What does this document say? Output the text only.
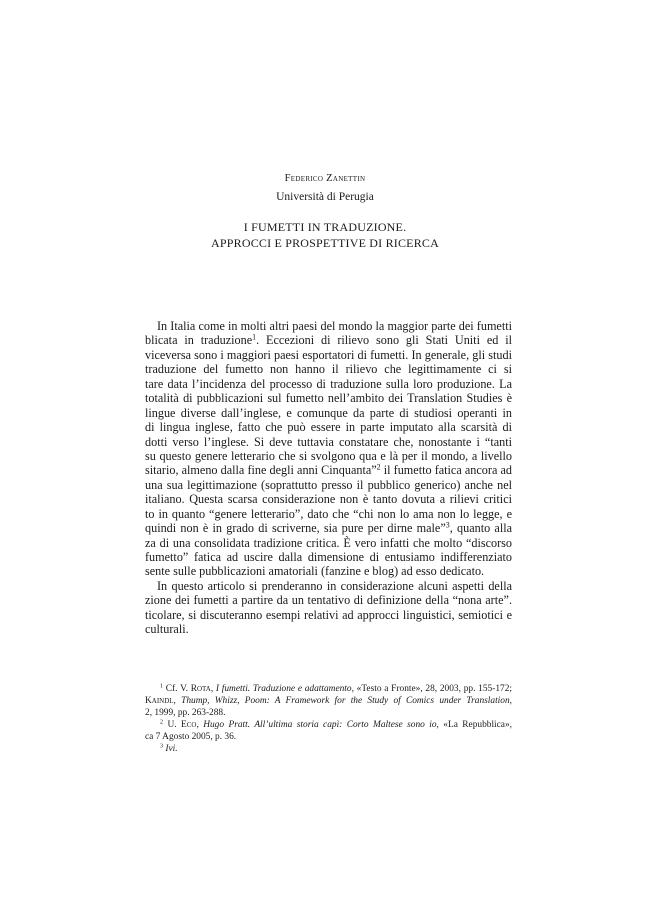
Federico Zanettin
Università di Perugia
I FUMETTI IN TRADUZIONE.
APPROCCI E PROSPETTIVE DI RICERCA
In Italia come in molti altri paesi del mondo la maggior parte dei fumetti
blicata in traduzione$^1$. Eccezioni di rilievo sono gli Stati Uniti ed il
viceversa sono i maggiori paesi esportatori di fumetti. In generale, gli studi
traduzione del fumetto non hanno il rilievo che legittimamente ci si
tare data l’incidenza del processo di traduzione sulla loro produzione. La
totalità di pubblicazioni sul fumetto nell’ambito dei Translation Studies è
lingue diverse dall’inglese, e comunque da parte di studiosi operanti in
di lingua inglese, fatto che può essere in parte imputato alla scarsità di
dotti verso l’inglese. Si deve tuttavia constatare che, nonostante i “tanti
su questo genere letterario che si svolgono qua e là per il mondo, a livello
sitario, almeno dalla fine degli anni Cinquanta”$^2$ il fumetto fatica ancora ad
una sua legittimazione (soprattutto presso il pubblico generico) anche nel
italiano. Questa scarsa considerazione non è tanto dovuta a rilievi critici
to in quanto “genere letterario”, dato che “chi non lo ama non lo legge, e
quindi non è in grado di scriverne, sia pure per dirne male”$^3$, quanto alla
za di una consolidata tradizione critica. È vero infatti che molto “discorso
fumetto” fatica ad uscire dalla dimensione di entusiamo indifferenziato
sente sulle pubblicazioni amatoriali (fanzine e blog) ad esso dedicato.
In questo articolo si prenderanno in considerazione alcuni aspetti della
zione dei fumetti a partire da un tentativo di definizione della “nona arte”.
ticolare, si discuteranno esempi relativi ad approcci linguistici, semiotici e
culturali.
$^1$ Cf. V. Rota, I fumetti. Traduzione e adattamento, «Testo a Fronte», 28, 2003, pp. 155-172;
Kaindl, Thump, Whizz, Poom: A Framework for the Study of Comics under Translation,
2, 1999, pp. 263-288.
$^2$ U. Eco, Hugo Pratt. All’ultima storia capì: Corto Maltese sono io, «La Repubblica»,
ca 7 Agosto 2005, p. 36.
$^3$ Ivi.
